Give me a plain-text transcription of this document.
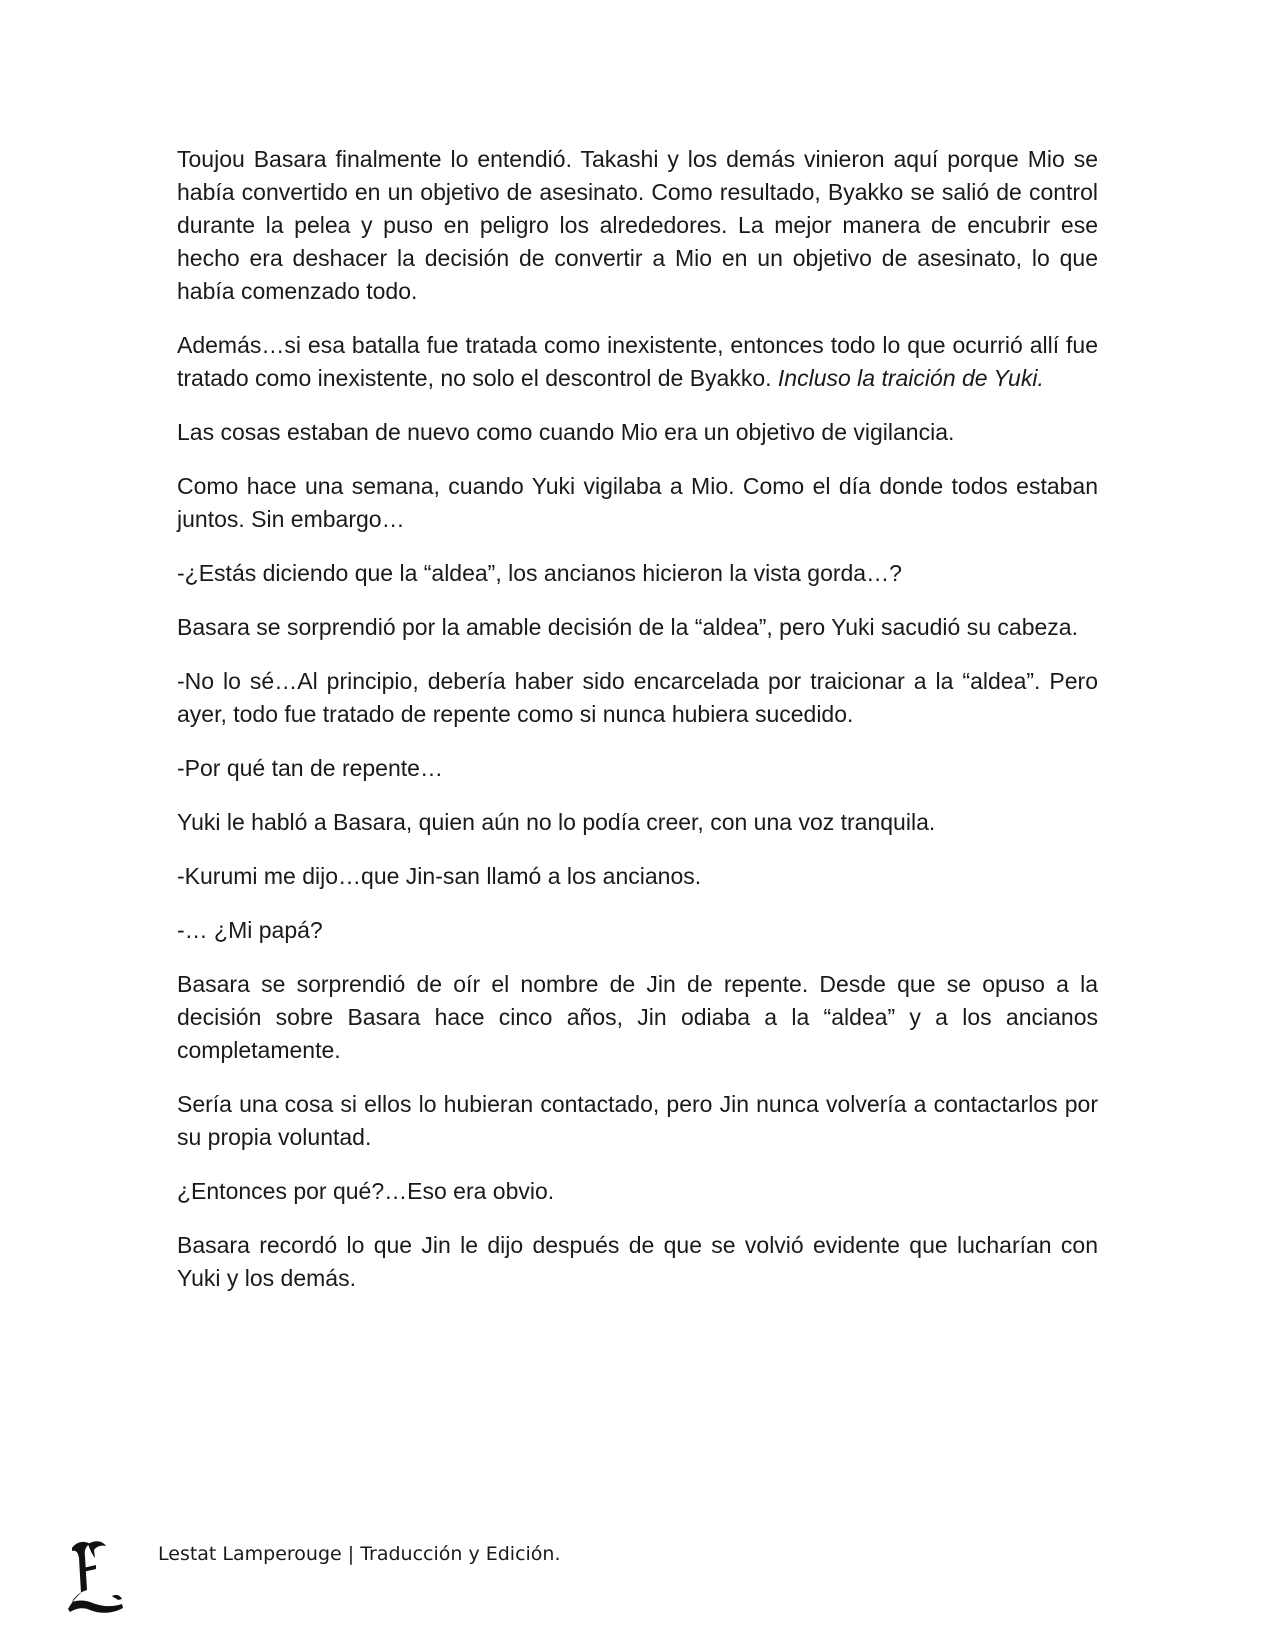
Toujou Basara finalmente lo entendió. Takashi y los demás vinieron aquí porque Mio se había convertido en un objetivo de asesinato. Como resultado, Byakko se salió de control durante la pelea y puso en peligro los alrededores. La mejor manera de encubrir ese hecho era deshacer la decisión de convertir a Mio en un objetivo de asesinato, lo que había comenzado todo.

Además…si esa batalla fue tratada como inexistente, entonces todo lo que ocurrió allí fue tratado como inexistente, no solo el descontrol de Byakko. Incluso la traición de Yuki.

Las cosas estaban de nuevo como cuando Mio era un objetivo de vigilancia.

Como hace una semana, cuando Yuki vigilaba a Mio. Como el día donde todos estaban juntos. Sin embargo…

-¿Estás diciendo que la “aldea”, los ancianos hicieron la vista gorda…?

Basara se sorprendió por la amable decisión de la “aldea”, pero Yuki sacudió su cabeza.

-No lo sé…Al principio, debería haber sido encarcelada por traicionar a la “aldea”. Pero ayer, todo fue tratado de repente como si nunca hubiera sucedido.

-Por qué tan de repente…

Yuki le habló a Basara, quien aún no lo podía creer, con una voz tranquila.

-Kurumi me dijo…que Jin-san llamó a los ancianos.

-… ¿Mi papá?

Basara se sorprendió de oír el nombre de Jin de repente. Desde que se opuso a la decisión sobre Basara hace cinco años, Jin odiaba a la “aldea” y a los ancianos completamente.

Sería una cosa si ellos lo hubieran contactado, pero Jin nunca volvería a contactarlos por su propia voluntad.

¿Entonces por qué?…Eso era obvio.

Basara recordó lo que Jin le dijo después de que se volvió evidente que lucharían con Yuki y los demás.

Lestat Lamperouge | Traducción y Edición.
